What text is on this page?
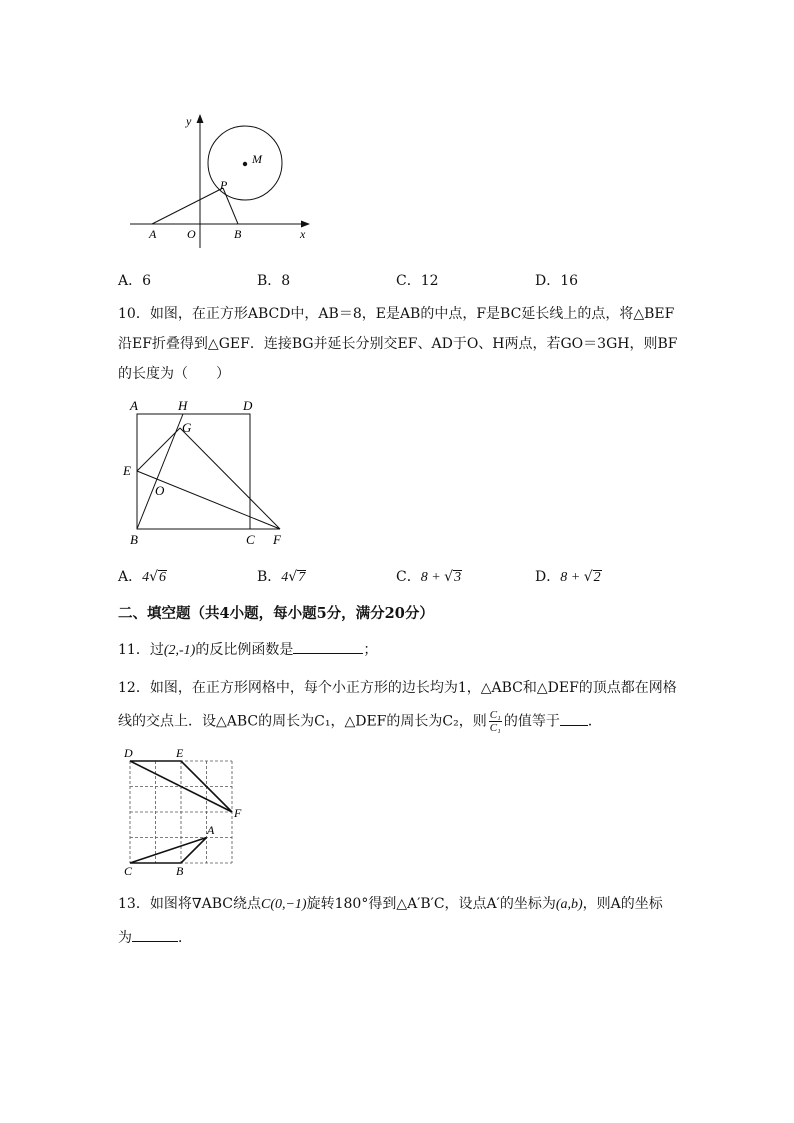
y
M
P
A	O	B	x
A．6	B．8	C．12	D．16
10．如图，在正方形ABCD中，AB＝8，E是AB的中点，F是BC延长线上的点，将△BEF
沿EF折叠得到△GEF．连接BG并延长分别交EF、AD于O、H两点，若GO＝3GH，则BF
的长度为（　　）
A	H	D
G
E
O
B	C F
A．4√6	B．4√7	C．8 + √3	D．8 + √2
二、填空题（共4小题，每小题5分，满分20分）
11．过(2,-1)的反比例函数是	；
12．如图，在正方形网格中，每个小正方形的边长均为1，△ABC和△DEF的顶点都在网格
线的交点上．设△ABC的周长为C₁，△DEF的周长为C₂，则 $\frac{\text{C₁}}{\text{C₁}}$ 的值等于 ．
D	E
F
A
C	B
13．如图将∇ABC绕点C(0,−1)旋转180°得到△A′B′C，设点A′的坐标为(a,b)，则A的坐标
为	．
